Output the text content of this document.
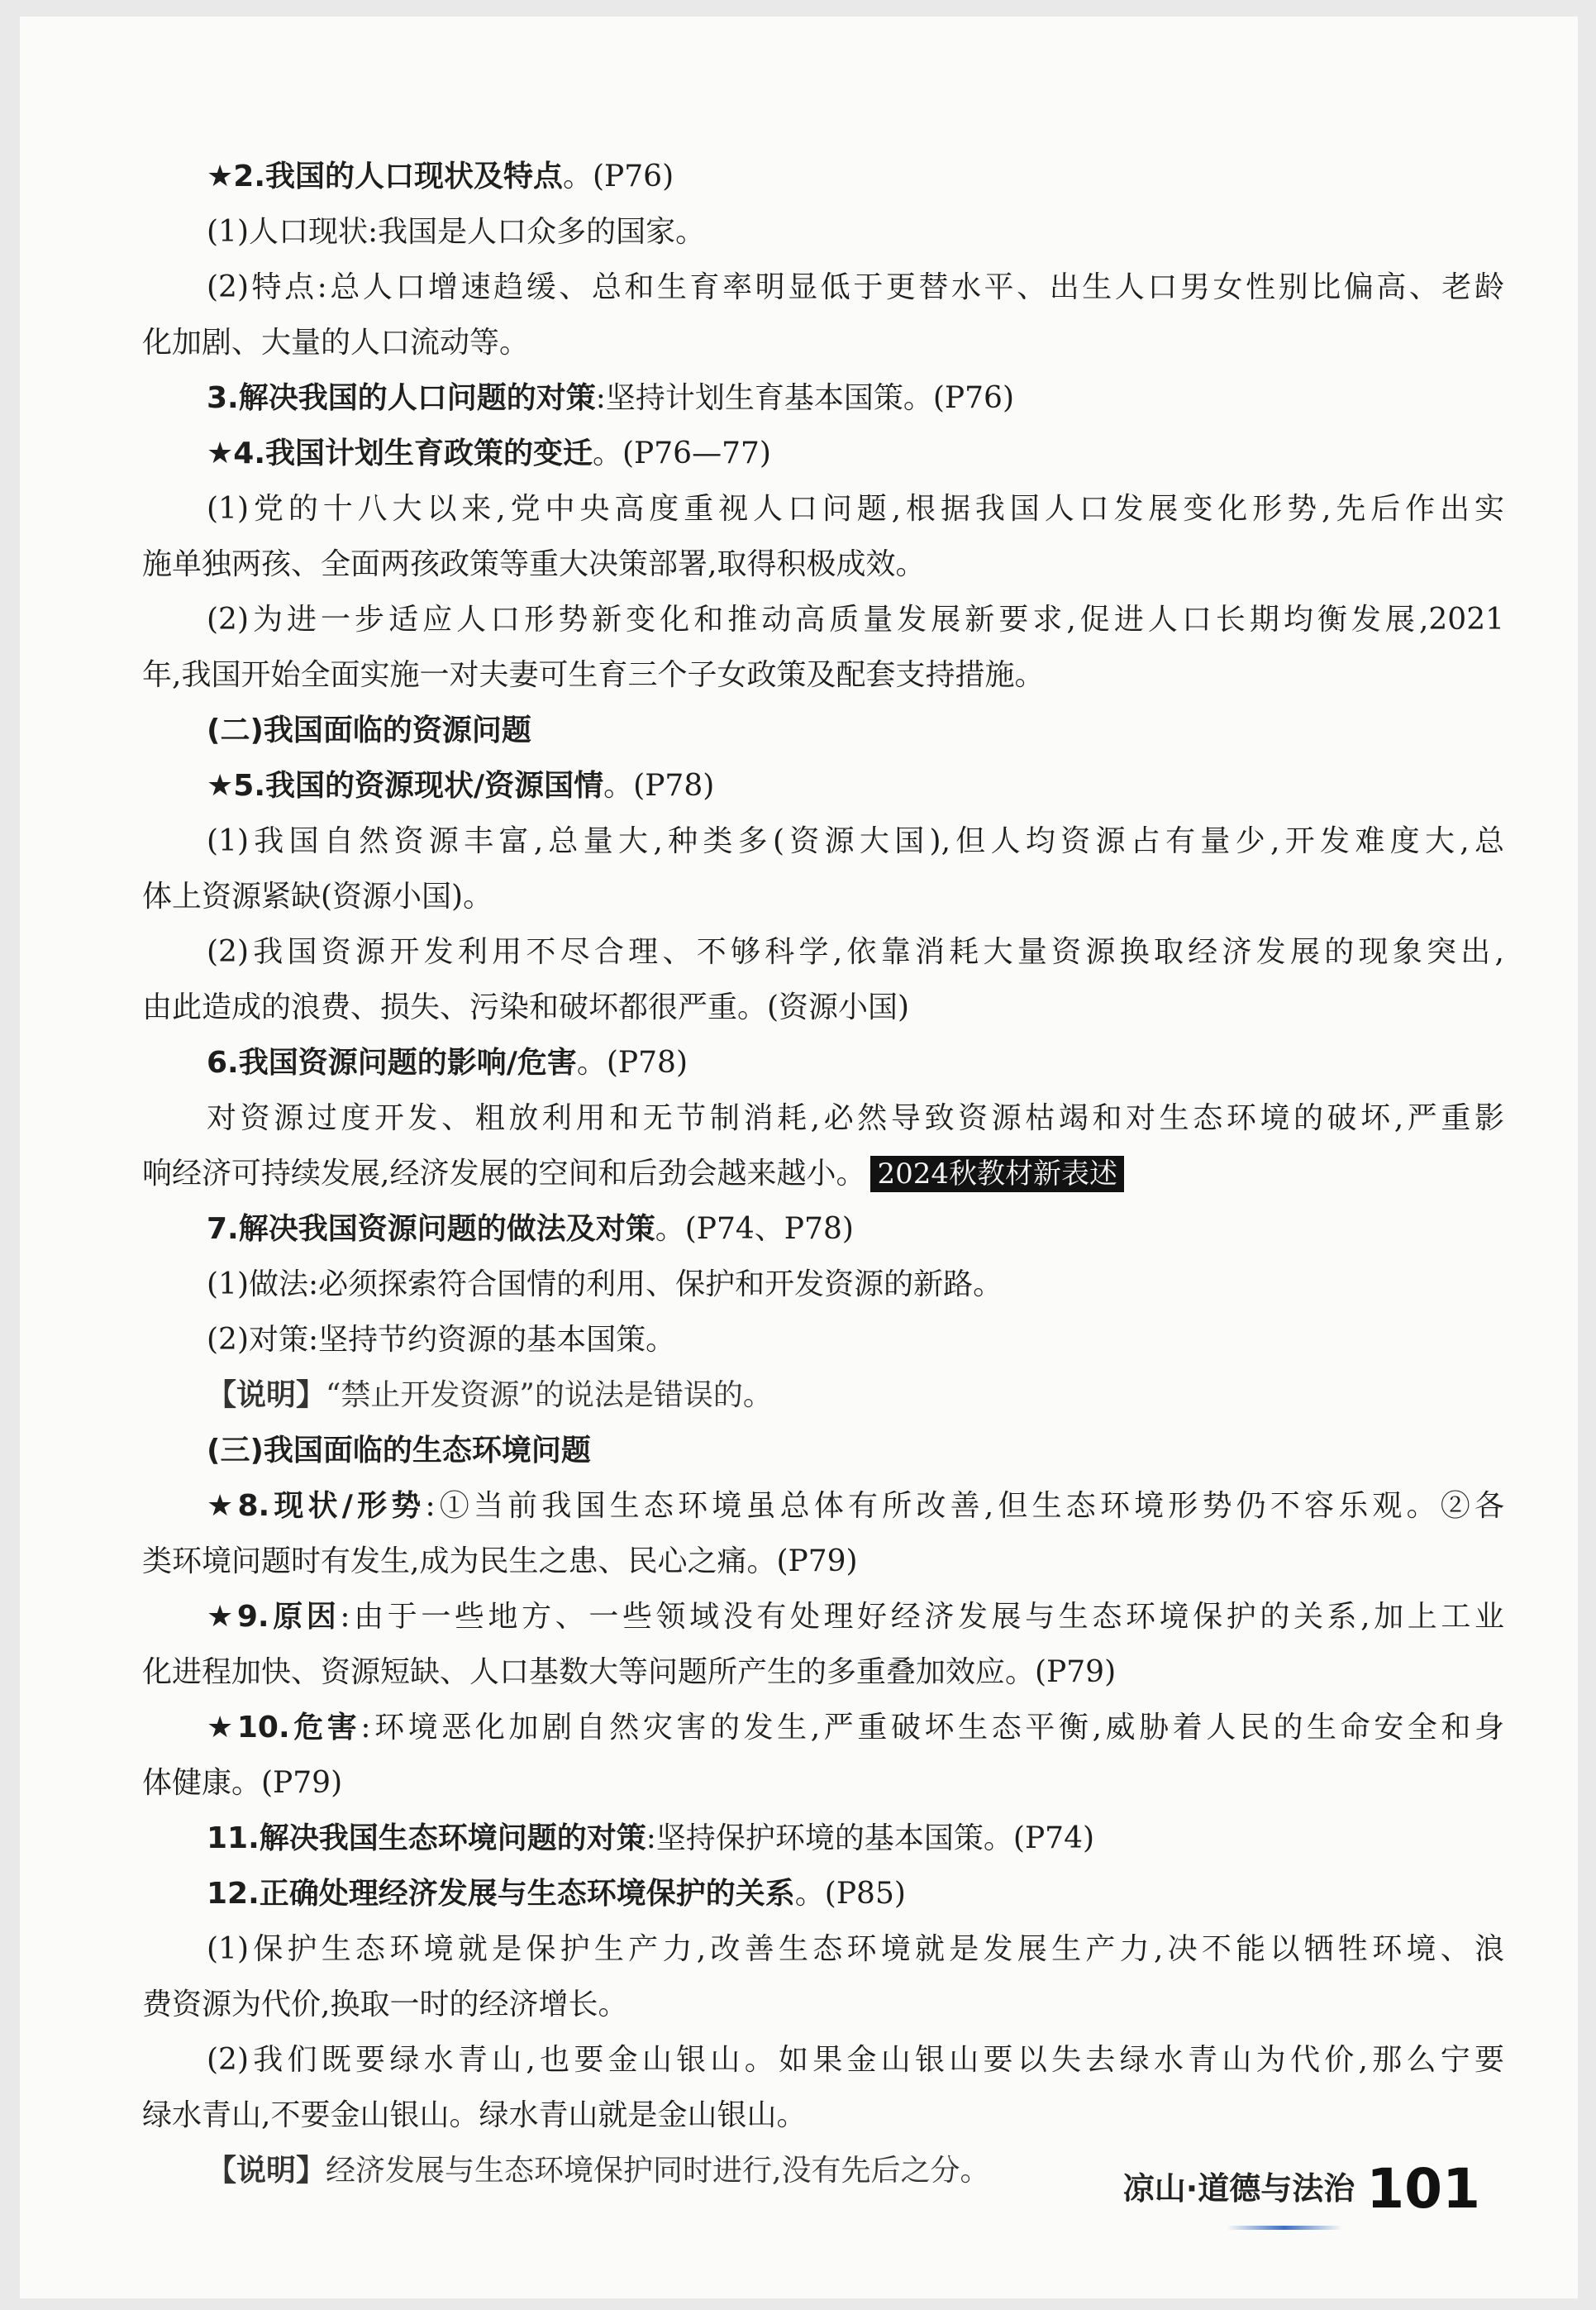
★2.我国的人口现状及特点。(P76)
(1)人口现状:我国是人口众多的国家。
(2)特点:总人口增速趋缓、总和生育率明显低于更替水平、出生人口男女性别比偏高、老龄
化加剧、大量的人口流动等。
3.解决我国的人口问题的对策:坚持计划生育基本国策。(P76)
★4.我国计划生育政策的变迁。(P76—77)
(1)党的十八大以来,党中央高度重视人口问题,根据我国人口发展变化形势,先后作出实
施单独两孩、全面两孩政策等重大决策部署,取得积极成效。
(2)为进一步适应人口形势新变化和推动高质量发展新要求,促进人口长期均衡发展,2021
年,我国开始全面实施一对夫妻可生育三个子女政策及配套支持措施。
(二)我国面临的资源问题
★5.我国的资源现状/资源国情。(P78)
(1)我国自然资源丰富,总量大,种类多(资源大国),但人均资源占有量少,开发难度大,总
体上资源紧缺(资源小国)。
(2)我国资源开发利用不尽合理、不够科学,依靠消耗大量资源换取经济发展的现象突出,
由此造成的浪费、损失、污染和破坏都很严重。(资源小国)
6.我国资源问题的影响/危害。(P78)
对资源过度开发、粗放利用和无节制消耗,必然导致资源枯竭和对生态环境的破坏,严重影
响经济可持续发展,经济发展的空间和后劲会越来越小。 2024秋教材新表述
7.解决我国资源问题的做法及对策。(P74、P78)
(1)做法:必须探索符合国情的利用、保护和开发资源的新路。
(2)对策:坚持节约资源的基本国策。
【说明】“禁止开发资源”的说法是错误的。
(三)我国面临的生态环境问题
★8.现状/形势:①当前我国生态环境虽总体有所改善,但生态环境形势仍不容乐观。②各
类环境问题时有发生,成为民生之患、民心之痛。(P79)
★9.原因:由于一些地方、一些领域没有处理好经济发展与生态环境保护的关系,加上工业
化进程加快、资源短缺、人口基数大等问题所产生的多重叠加效应。(P79)
★10.危害:环境恶化加剧自然灾害的发生,严重破坏生态平衡,威胁着人民的生命安全和身
体健康。(P79)
11.解决我国生态环境问题的对策:坚持保护环境的基本国策。(P74)
12.正确处理经济发展与生态环境保护的关系。(P85)
(1)保护生态环境就是保护生产力,改善生态环境就是发展生产力,决不能以牺牲环境、浪
费资源为代价,换取一时的经济增长。
(2)我们既要绿水青山,也要金山银山。如果金山银山要以失去绿水青山为代价,那么宁要
绿水青山,不要金山银山。绿水青山就是金山银山。
【说明】经济发展与生态环境保护同时进行,没有先后之分。	凉山·道德与法治 101
